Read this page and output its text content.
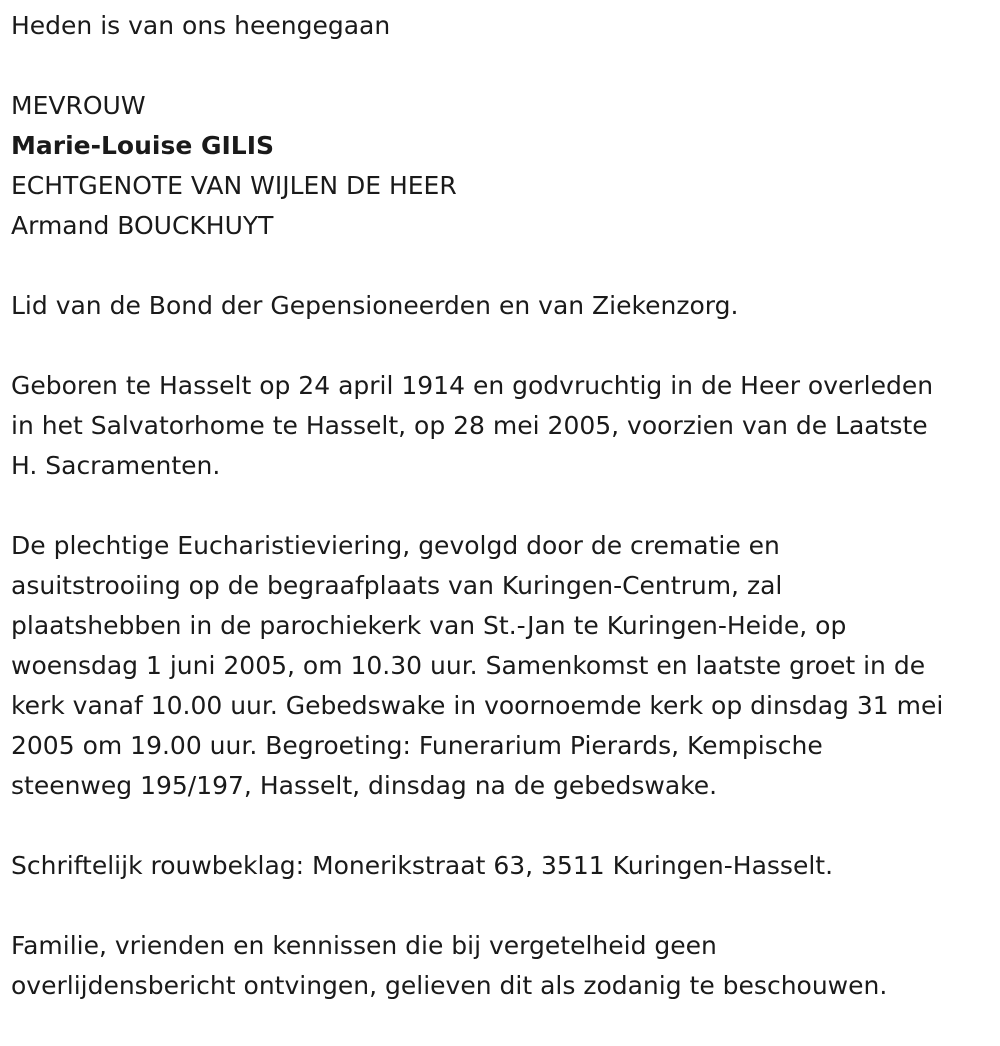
Heden is van ons heengegaan

MEVROUW

Marie-Louise GILIS

ECHTGENOTE VAN WIJLEN DE HEER

Armand BOUCKHUYT

Lid van de Bond der Gepensioneerden en van Ziekenzorg.

Geboren te Hasselt op 24 april 1914 en godvruchtig in de Heer overleden
in het Salvatorhome te Hasselt, op 28 mei 2005, voorzien van de Laatste
H. Sacramenten.
De plechtige Eucharistieviering, gevolgd door de crematie en
asuitstrooiing op de begraafplaats van Kuringen-Centrum, zal
plaatshebben in de parochiekerk van St.-Jan te Kuringen-Heide, op
woensdag 1 juni 2005, om 10.30 uur. Samenkomst en laatste groet in de
kerk vanaf 10.00 uur. Gebedswake in voornoemde kerk op dinsdag 31 mei
2005 om 19.00 uur. Begroeting: Funerarium Pierards, Kempische
steenweg 195/197, Hasselt, dinsdag na de gebedswake.

Schriftelijk rouwbeklag: Monerikstraat 63, 3511 Kuringen-Hasselt.

Familie, vrienden en kennissen die bij vergetelheid geen
overlijdensbericht ontvingen, gelieven dit als zodanig te beschouwen.
